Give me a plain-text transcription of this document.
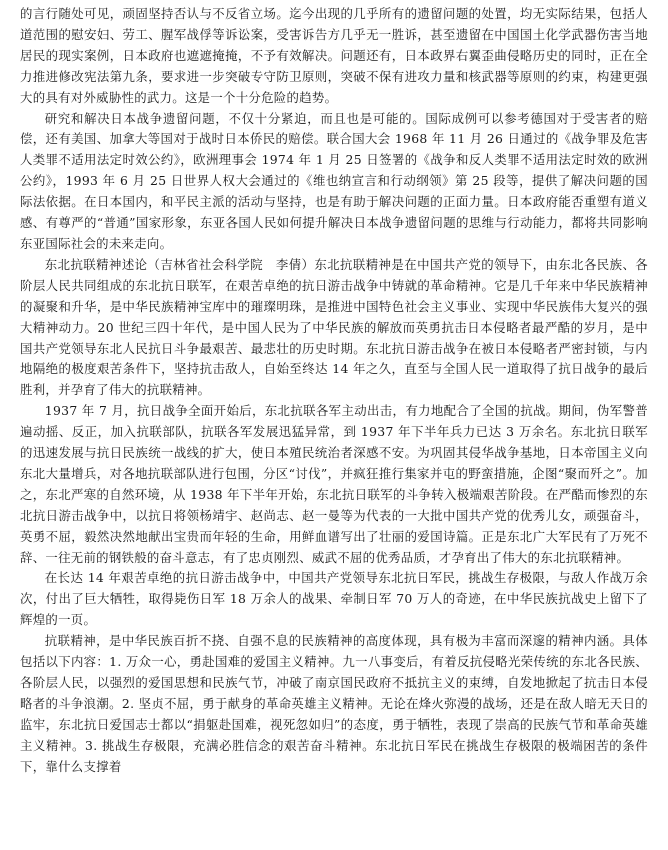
的言行随处可见，顽固坚持否认与不反省立场。迄今出现的几乎所有的遗留问题的处置，均无实际结果，包括人道范围的慰安妇、劳工、腥军战俘等诉讼案，受害诉告方几乎无一胜诉，甚至遗留在中国国土化学武器伤害当地居民的现实案例，日本政府也遮遮掩掩，不予有效解决。问题还有，日本政界右翼歪曲侵略历史的同时，正在全力推进修改宪法第九条，要求进一步突破专守防卫原则，突破不保有进攻力量和核武器等原则的约束，构建更强大的具有对外威胁性的武力。这是一个十分危险的趋势。

研究和解决日本战争遗留问题，不仅十分紧迫，而且也是可能的。国际成例可以参考德国对于受害者的赔偿，还有美国、加拿大等国对于战时日本侨民的赔偿。联合国大会 1968 年 11 月 26 日通过的《战争罪及危害人类罪不适用法定时效公约》，欧洲理事会 1974 年 1 月 25 日签署的《战争和反人类罪不适用法定时效的欧洲公约》，1993 年 6 月 25 日世界人权大会通过的《维也纳宣言和行动纲领》第 25 段等，提供了解决问题的国际法依据。在日本国内，和平民主派的活动与坚持，也是有助于解决问题的正面力量。日本政府能否重塑有道义感、有尊严的“普通”国家形象，东亚各国人民如何提升解决日本战争遗留问题的思维与行动能力，都将共同影响东亚国际社会的未来走向。

东北抗联精神述论（吉林省社会科学院　李倩）东北抗联精神是在中国共产党的领导下，由东北各民族、各阶层人民共同组成的东北抗日联军，在艰苦卓绝的抗日游击战争中铸就的革命精神。它是几千年来中华民族精神的凝聚和升华，是中华民族精神宝库中的璀璨明珠，是推进中国特色社会主义事业、实现中华民族伟大复兴的强大精神动力。20 世纪三四十年代，是中国人民为了中华民族的解放而英勇抗击日本侵略者最严酷的岁月，是中国共产党领导东北人民抗日斗争最艰苦、最悲壮的历史时期。东北抗日游击战争在被日本侵略者严密封锁，与内地隔绝的极度艰苦条件下，坚持抗击敌人，自始至终达 14 年之久，直至与全国人民一道取得了抗日战争的最后胜利，并孕育了伟大的抗联精神。

1937 年 7 月，抗日战争全面开始后，东北抗联各军主动出击，有力地配合了全国的抗战。期间，伪军警普遍动摇、反正，加入抗联部队，抗联各军发展迅猛异常，到 1937 年下半年兵力已达 3 万余名。东北抗日联军的迅速发展与抗日民族统一战线的扩大，使日本殖民统治者深感不安。为巩固其侵华战争基地，日本帝国主义向东北大量增兵，对各地抗联部队进行包围，分区“讨伐”，并疯狂推行集家并屯的野蛮措施，企图“聚而歼之”。加之，东北严寒的自然环境，从 1938 年下半年开始，东北抗日联军的斗争转入极端艰苦阶段。在严酷而惨烈的东北抗日游击战争中，以抗日将领杨靖宇、赵尚志、赵一曼等为代表的一大批中国共产党的优秀儿女，顽强奋斗，英勇不屈，毅然决然地献出宝贵而年轻的生命，用鲜血谱写出了壮丽的爱国诗篇。正是东北广大军民有了万死不辞、一往无前的钢铁般的奋斗意志，有了忠贞刚烈、威武不屈的优秀品质，才孕育出了伟大的东北抗联精神。

在长达 14 年艰苦卓绝的抗日游击战争中，中国共产党领导东北抗日军民，挑战生存极限，与敌人作战万余次，付出了巨大牺牲，取得毙伤日军 18 万余人的战果、牵制日军 70 万人的奇迹，在中华民族抗战史上留下了辉煌的一页。

抗联精神，是中华民族百折不挠、自强不息的民族精神的高度体现，具有极为丰富而深邃的精神内涵。具体包括以下内容：1. 万众一心，勇赴国难的爱国主义精神。九一八事变后，有着反抗侵略光荣传统的东北各民族、各阶层人民，以强烈的爱国思想和民族气节，冲破了南京国民政府不抵抗主义的束缚，自发地掀起了抗击日本侵略者的斗争浪潮。2. 坚贞不屈，勇于献身的革命英雄主义精神。无论在烽火弥漫的战场，还是在敌人暗无天日的监牢，东北抗日爱国志士都以“捐躯赴国难，视死忽如归”的态度，勇于牺牲，表现了崇高的民族气节和革命英雄主义精神。3. 挑战生存极限，充满必胜信念的艰苦奋斗精神。东北抗日军民在挑战生存极限的极端困苦的条件下，靠什么支撑着
